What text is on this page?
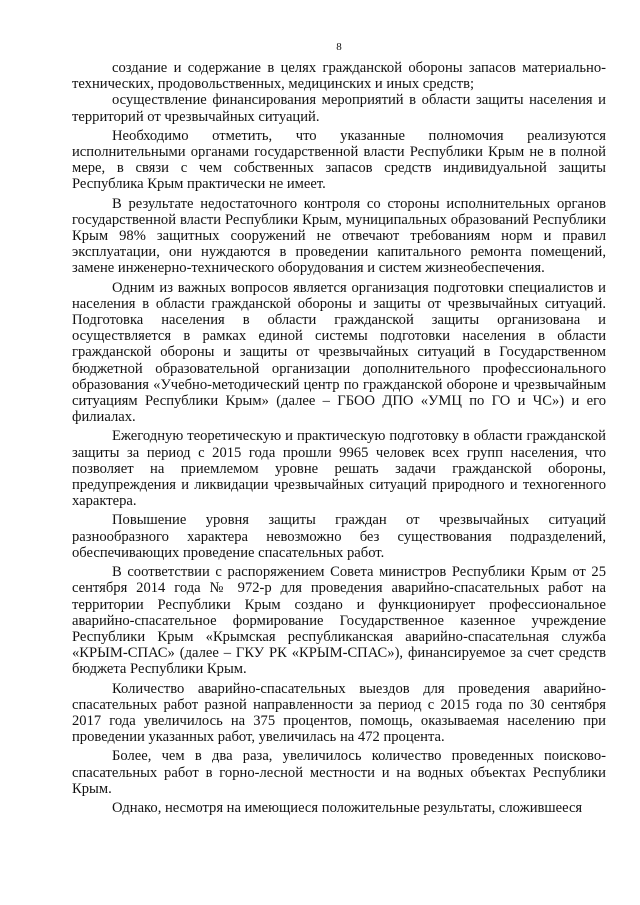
8

создание и содержание в целях гражданской обороны запасов материально-технических, продовольственных, медицинских и иных средств;

осуществление финансирования мероприятий в области защиты населения и территорий от чрезвычайных ситуаций.

Необходимо отметить, что указанные полномочия реализуются исполнительными органами государственной власти Республики Крым не в полной мере, в связи с чем собственных запасов средств индивидуальной защиты Республика Крым практически не имеет.

В результате недостаточного контроля со стороны исполнительных органов государственной власти Республики Крым, муниципальных образований Республики Крым 98% защитных сооружений не отвечают требованиям норм и правил эксплуатации, они нуждаются в проведении капитального ремонта помещений, замене инженерно-технического оборудования и систем жизнеобеспечения.

Одним из важных вопросов является организация подготовки специалистов и населения в области гражданской обороны и защиты от чрезвычайных ситуаций. Подготовка населения в области гражданской защиты организована и осуществляется в рамках единой системы подготовки населения в области гражданской обороны и защиты от чрезвычайных ситуаций в Государственном бюджетной образовательной организации дополнительного профессионального образования «Учебно-методический центр по гражданской обороне и чрезвычайным ситуациям Республики Крым» (далее – ГБОО ДПО «УМЦ по ГО и ЧС») и его филиалах.

Ежегодную теоретическую и практическую подготовку в области гражданской защиты за период с 2015 года прошли 9965 человек всех групп населения, что позволяет на приемлемом уровне решать задачи гражданской обороны, предупреждения и ликвидации чрезвычайных ситуаций природного и техногенного характера.

Повышение уровня защиты граждан от чрезвычайных ситуаций разнообразного характера невозможно без существования подразделений, обеспечивающих проведение спасательных работ.

В соответствии с распоряжением Совета министров Республики Крым от 25 сентября 2014 года № 972-р для проведения аварийно-спасательных работ на территории Республики Крым создано и функционирует профессиональное аварийно-спасательное формирование Государственное казенное учреждение Республики Крым «Крымская республиканская аварийно-спасательная служба «КРЫМ-СПАС» (далее – ГКУ РК «КРЫМ-СПАС»), финансируемое за счет средств бюджета Республики Крым.

Количество аварийно-спасательных выездов для проведения аварийно-спасательных работ разной направленности за период с 2015 года по 30 сентября 2017 года увеличилось на 375 процентов, помощь, оказываемая населению при проведении указанных работ, увеличилась на 472 процента.

Более, чем в два раза, увеличилось количество проведенных поисково-спасательных работ в горно-лесной местности и на водных объектах Республики Крым.

Однако, несмотря на имеющиеся положительные результаты, сложившееся
